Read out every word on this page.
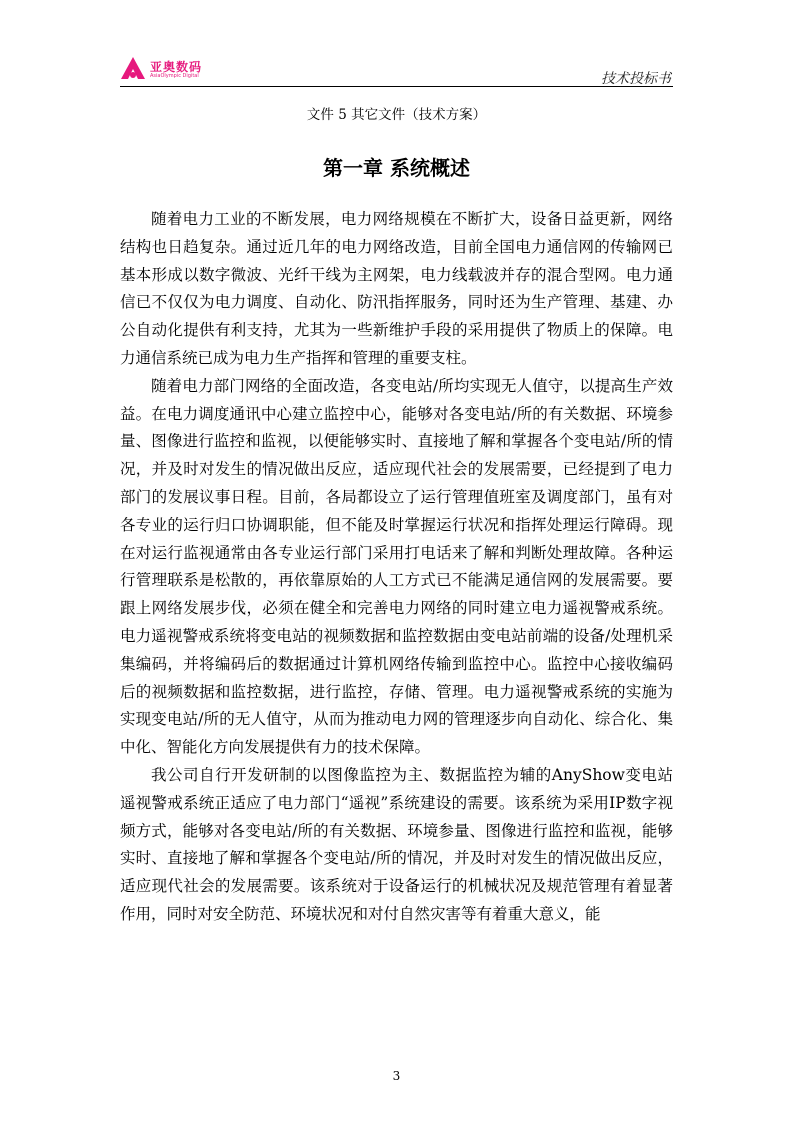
亚奥数码
AsiaOlympic Digital	技术投标书
文件 5 其它文件（技术方案）
第一章 系统概述

随着电力工业的不断发展，电力网络规模在不断扩大，设备日益更新，网络结构也日趋复杂。通过近几年的电力网络改造，目前全国电力通信网的传输网已基本形成以数字微波、光纤干线为主网架，电力线载波并存的混合型网。电力通信已不仅仅为电力调度、自动化、防汛指挥服务，同时还为生产管理、基建、办公自动化提供有利支持，尤其为一些新维护手段的采用提供了物质上的保障。电力通信系统已成为电力生产指挥和管理的重要支柱。

随着电力部门网络的全面改造，各变电站/所均实现无人值守，以提高生产效益。在电力调度通讯中心建立监控中心，能够对各变电站/所的有关数据、环境参量、图像进行监控和监视，以便能够实时、直接地了解和掌握各个变电站/所的情况，并及时对发生的情况做出反应，适应现代社会的发展需要，已经提到了电力部门的发展议事日程。目前，各局都设立了运行管理值班室及调度部门，虽有对各专业的运行归口协调职能，但不能及时掌握运行状况和指挥处理运行障碍。现在对运行监视通常由各专业运行部门采用打电话来了解和判断处理故障。各种运行管理联系是松散的，再依靠原始的人工方式已不能满足通信网的发展需要。要跟上网络发展步伐，必须在健全和完善电力网络的同时建立电力遥视警戒系统。电力遥视警戒系统将变电站的视频数据和监控数据由变电站前端的设备/处理机采集编码，并将编码后的数据通过计算机网络传输到监控中心。监控中心接收编码后的视频数据和监控数据，进行监控，存储、管理。电力遥视警戒系统的实施为实现变电站/所的无人值守，从而为推动电力网的管理逐步向自动化、综合化、集中化、智能化方向发展提供有力的技术保障。

我公司自行开发研制的以图像监控为主、数据监控为辅的AnyShow变电站遥视警戒系统正适应了电力部门“遥视”系统建设的需要。该系统为采用IP数字视频方式，能够对各变电站/所的有关数据、环境参量、图像进行监控和监视，能够实时、直接地了解和掌握各个变电站/所的情况，并及时对发生的情况做出反应，适应现代社会的发展需要。该系统对于设备运行的机械状况及规范管理有着显著作用，同时对安全防范、环境状况和对付自然灾害等有着重大意义，能

3
